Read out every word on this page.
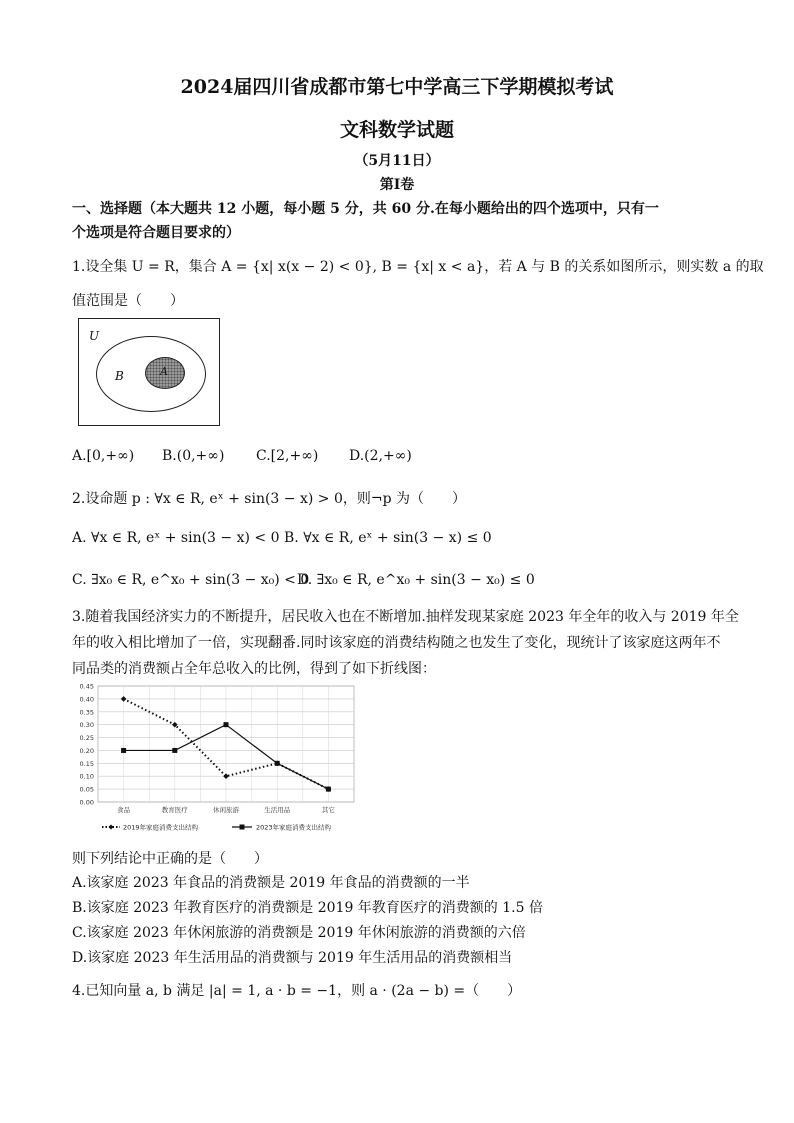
2024届四川省成都市第七中学高三下学期模拟考试
文科数学试题
（5月11日）
第Ⅰ卷
一、选择题（本大题共 12 小题，每小题 5 分，共 60 分.在每小题给出的四个选项中，只有一
个选项是符合题目要求的）
1.设全集 U = R，集合 A = {x| x(x − 2) < 0}, B = {x| x < a}，若 A 与 B 的关系如图所示，则实数 a 的取
值范围是（　　）
U
B	A
A.[0,+∞) B.(0,+∞) C.[2,+∞) D.(2,+∞)
2.设命题 p : ∀x ∈ R, eˣ + sin(3 − x) > 0，则¬p 为（　　）
A. ∀x ∈ R, eˣ + sin(3 − x) < 0 B. ∀x ∈ R, eˣ + sin(3 − x) ≤ 0
C. ∃x₀ ∈ R, e^x₀ + sin(3 − x₀) < 0
D. ∃x₀ ∈ R, e^x₀ + sin(3 − x₀) ≤ 0
3.随着我国经济实力的不断提升，居民收入也在不断增加.抽样发现某家庭 2023 年全年的收入与 2019 年全
年的收入相比增加了一倍，实现翻番.同时该家庭的消费结构随之也发生了变化，现统计了该家庭这两年不
同品类的消费额占全年总收入的比例，得到了如下折线图：
0.00
0.05
0.10
0.15
0.20
0.25
0.30
0.35
0.40
0.45
食品	教育医疗	休闲旅游	生活用品	其它
2019年家庭消费支出结构	2023年家庭消费支出结构
则下列结论中正确的是（　　）
A.该家庭 2023 年食品的消费额是 2019 年食品的消费额的一半
B.该家庭 2023 年教育医疗的消费额是 2019 年教育医疗的消费额的 1.5 倍
C.该家庭 2023 年休闲旅游的消费额是 2019 年休闲旅游的消费额的六倍
D.该家庭 2023 年生活用品的消费额与 2019 年生活用品的消费额相当
4.已知向量 a, b 满足 |a| = 1, a · b = −1，则 a · (2a − b) =（　　）
